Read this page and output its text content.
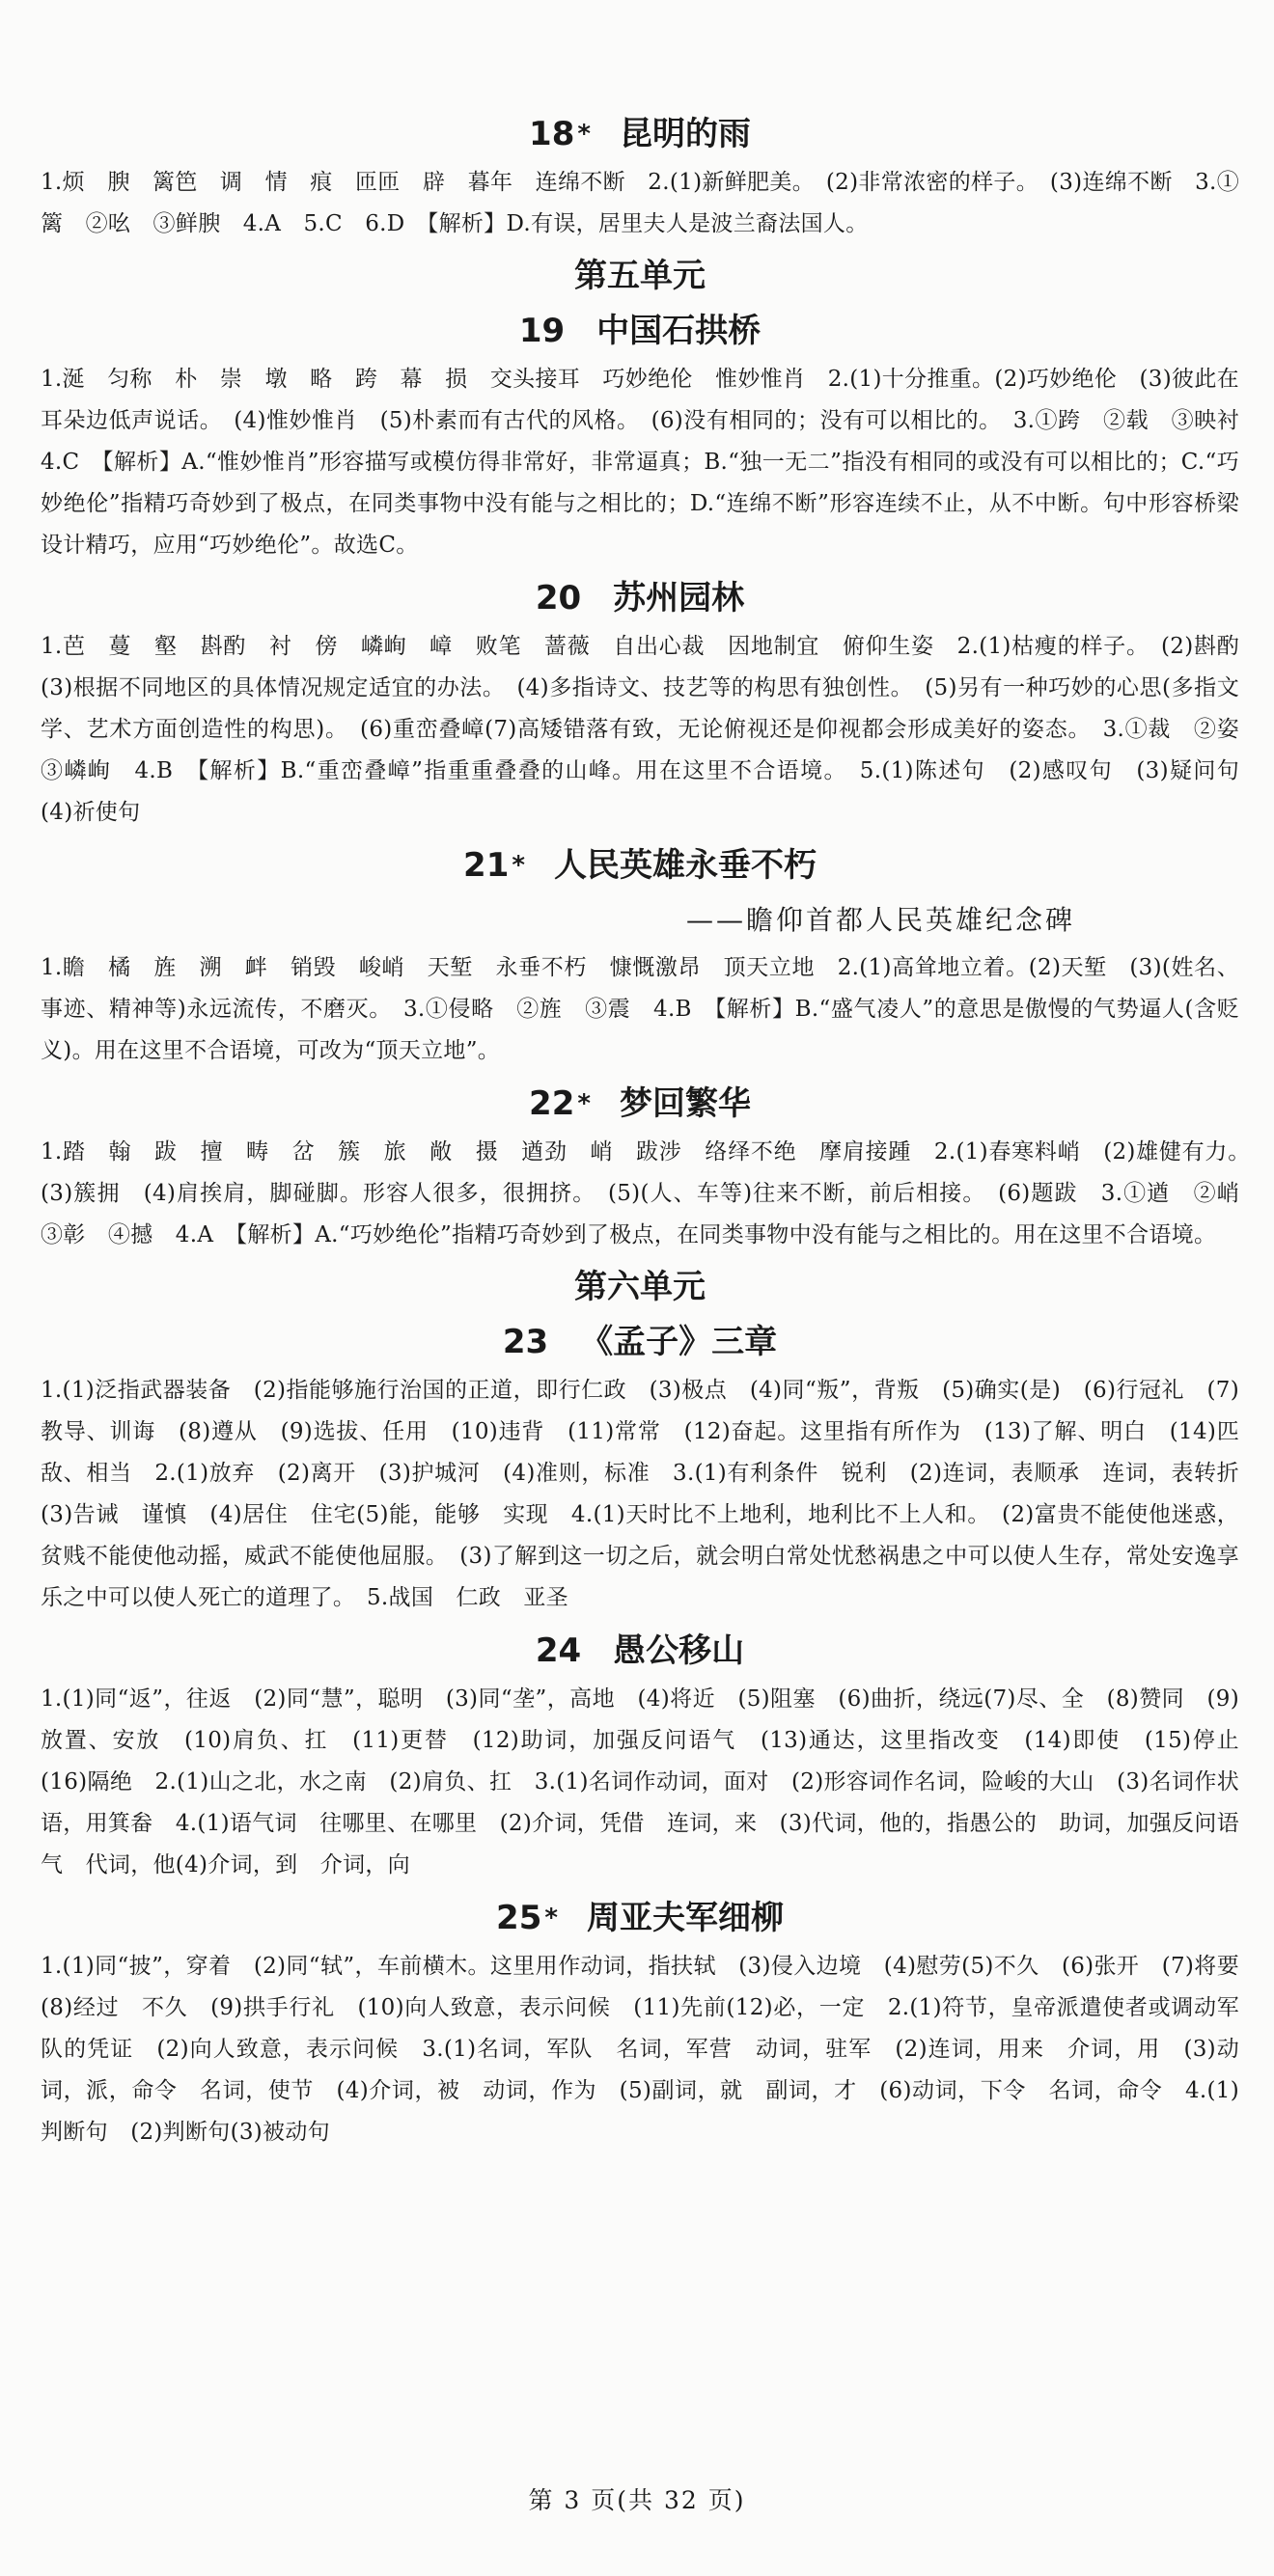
18 * 昆明的雨

1.烦　腴　篱笆　调　情　痕　匝匝　辟　暮年　连绵不断　2.(1)新鲜肥美。　(2)非常浓密的样子。　(3)连绵不断　3.①篱　②吆　③鲜腴　4.A　5.C　6.D　【解析】D.有误，居里夫人是波兰裔法国人。

第五单元
19 中国石拱桥

1.涎　匀称　朴　崇　墩　略　跨　幕　损　交头接耳　巧妙绝伦　惟妙惟肖　2.(1)十分推重。(2)巧妙绝伦　(3)彼此在耳朵边低声说话。　(4)惟妙惟肖　(5)朴素而有古代的风格。　(6)没有相同的；没有可以相比的。　3.①跨　②载　③映衬　4.C　【解析】A.“惟妙惟肖”形容描写或模仿得非常好，非常逼真；B.“独一无二”指没有相同的或没有可以相比的；C.“巧妙绝伦”指精巧奇妙到了极点，在同类事物中没有能与之相比的；D.“连绵不断”形容连续不止，从不中断。句中形容桥梁设计精巧，应用“巧妙绝伦”。故选C。

20 苏州园林

1.芭　蔓　壑　斟酌　衬　傍　嶙峋　嶂　败笔　蔷薇　自出心裁　因地制宜　俯仰生姿　2.(1)枯瘦的样子。　(2)斟酌　(3)根据不同地区的具体情况规定适宜的办法。　(4)多指诗文、技艺等的构思有独创性。　(5)另有一种巧妙的心思(多指文学、艺术方面创造性的构思)。　(6)重峦叠嶂(7)高矮错落有致，无论俯视还是仰视都会形成美好的姿态。　3.①裁　②姿　③嶙峋　4.B　【解析】B.“重峦叠嶂”指重重叠叠的山峰。用在这里不合语境。　5.(1)陈述句　(2)感叹句　(3)疑问句　(4)祈使句

21 * 人民英雄永垂不朽
——瞻仰首都人民英雄纪念碑

1.瞻　橘　旌　溯　衅　销毁　峻峭　天堑　永垂不朽　慷慨激昂　顶天立地　2.(1)高耸地立着。(2)天堑　(3)(姓名、事迹、精神等)永远流传，不磨灭。　3.①侵略　②旌　③震　4.B　【解析】B.“盛气凌人”的意思是傲慢的气势逼人(含贬义)。用在这里不合语境，可改为“顶天立地”。

22 * 梦回繁华

1.踏　翰　跋　擅　畴　岔　簇　旅　敞　摄　遒劲　峭　跋涉　络绎不绝　摩肩接踵　2.(1)春寒料峭　(2)雄健有力。　(3)簇拥　(4)肩挨肩，脚碰脚。形容人很多，很拥挤。　(5)(人、车等)往来不断，前后相接。　(6)题跋　3.①遒　②峭　③彰　④撼　4.A　【解析】A.“巧妙绝伦”指精巧奇妙到了极点，在同类事物中没有能与之相比的。用在这里不合语境。

第六单元
23 《孟子》三章

1.(1)泛指武器装备　(2)指能够施行治国的正道，即行仁政　(3)极点　(4)同“叛”，背叛　(5)确实(是)　(6)行冠礼　(7)教导、训诲　(8)遵从　(9)选拔、任用　(10)违背　(11)常常　(12)奋起。这里指有所作为　(13)了解、明白　(14)匹敌、相当　2.(1)放弃　(2)离开　(3)护城河　(4)准则，标准　3.(1)有利条件　锐利　(2)连词，表顺承　连词，表转折　(3)告诫　谨慎　(4)居住　住宅(5)能，能够　实现　4.(1)天时比不上地利，地利比不上人和。　(2)富贵不能使他迷惑，贫贱不能使他动摇，威武不能使他屈服。　(3)了解到这一切之后，就会明白常处忧愁祸患之中可以使人生存，常处安逸享乐之中可以使人死亡的道理了。　5.战国　仁政　亚圣

24 愚公移山

1.(1)同“返”，往返　(2)同“慧”，聪明　(3)同“垄”，高地　(4)将近　(5)阻塞　(6)曲折，绕远(7)尽、全　(8)赞同　(9)放置、安放　(10)肩负、扛　(11)更替　(12)助词，加强反问语气　(13)通达，这里指改变　(14)即使　(15)停止　(16)隔绝　2.(1)山之北，水之南　(2)肩负、扛　3.(1)名词作动词，面对　(2)形容词作名词，险峻的大山　(3)名词作状语，用箕畚　4.(1)语气词　往哪里、在哪里　(2)介词，凭借　连词，来　(3)代词，他的，指愚公的　助词，加强反问语气　代词，他(4)介词，到　介词，向

25 * 周亚夫军细柳

1.(1)同“披”，穿着　(2)同“轼”，车前横木。这里用作动词，指扶轼　(3)侵入边境　(4)慰劳(5)不久　(6)张开　(7)将要　(8)经过　不久　(9)拱手行礼　(10)向人致意，表示问候　(11)先前(12)必，一定　2.(1)符节，皇帝派遣使者或调动军队的凭证　(2)向人致意，表示问候　3.(1)名词，军队　名词，军营　动词，驻军　(2)连词，用来　介词，用　(3)动词，派，命令　名词，使节　(4)介词，被　动词，作为　(5)副词，就　副词，才　(6)动词，下令　名词，命令　4.(1)判断句　(2)判断句(3)被动句

第 3 页(共 32 页)
